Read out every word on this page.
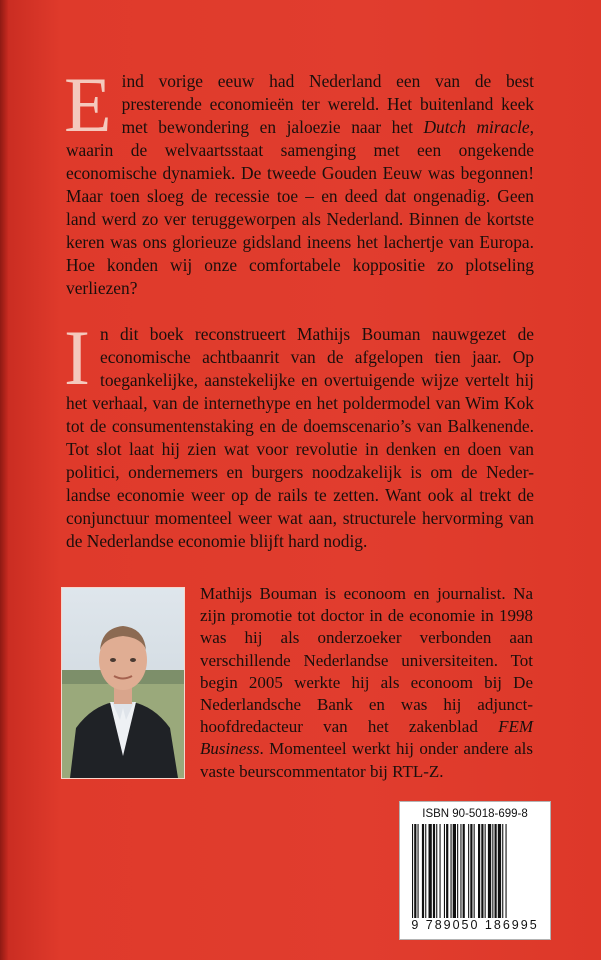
Eind vorige eeuw had Nederland een van de best presterende economieën ter wereld. Het buitenland keek met bewondering en jaloezie naar het Dutch miracle, waarin de welvaartsstaat samenging met een ongekende economische dynamiek. De tweede Gouden Eeuw was begonnen! Maar toen sloeg de recessie toe – en deed dat ongenadig. Geen land werd zo ver teruggeworpen als Nederland. Binnen de kortste keren was ons glorieuze gidsland ineens het lachertje van Europa. Hoe konden wij onze comfortabele koppositie zo plotseling verliezen?

In dit boek reconstrueert Mathijs Bouman nauwgezet de economische achtbaanrit van de afgelopen tien jaar. Op toegankelijke, aanstekelijke en overtuigende wijze vertelt hij het verhaal, van de internethype en het poldermodel van Wim Kok tot de consumentenstaking en de doemscenario’s van Balkenende. Tot slot laat hij zien wat voor revolutie in denken en doen van politici, ondernemers en burgers noodzakelijk is om de Neder-landse economie weer op de rails te zetten. Want ook al trekt de conjunctuur momenteel weer wat aan, structurele hervorming van de Nederlandse economie blijft hard nodig.

Mathijs Bouman is econoom en journalist. Na zijn promotie tot doctor in de economie in 1998 was hij als onderzoeker verbonden aan verschillende Nederlandse universiteiten. Tot begin 2005 werkte hij als econoom bij De Nederlandsche Bank en was hij adjunct-hoofdredacteur van het zakenblad FEM Business. Momenteel werkt hij onder andere als vaste beurscommentator bij RTL-Z.

ISBN 90-5018-699-8
9 789050 186995
